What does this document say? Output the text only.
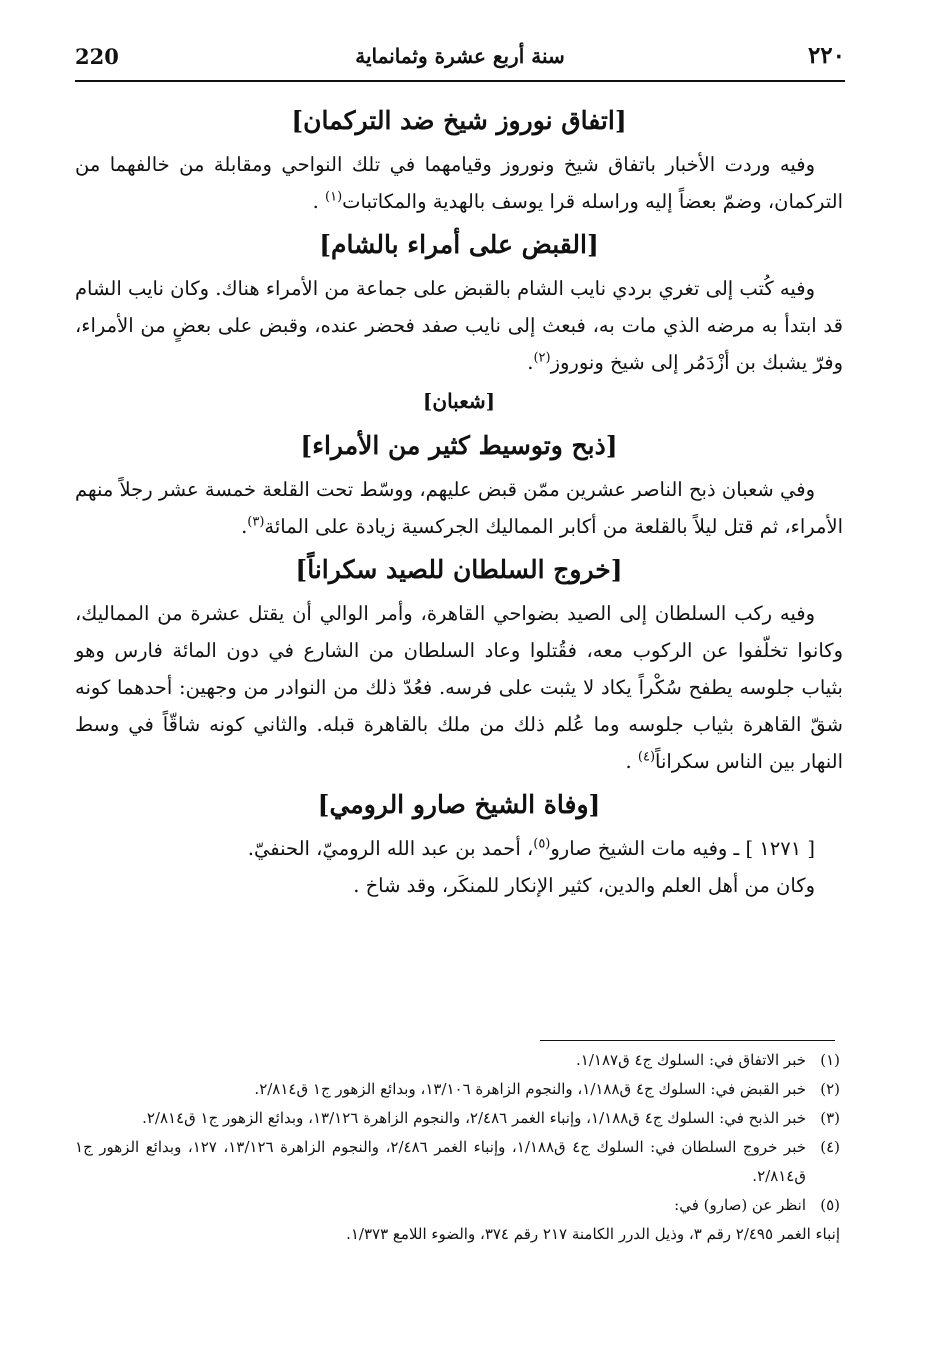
220	سنة أربع عشرة وثمانماية	٢٢٠
[اتفاق نوروز شيخ ضد التركمان]

وفيه وردت الأخبار باتفاق شيخ ونوروز وقيامهما في تلك النواحي ومقابلة من خالفهما من التركمان، وضمّ بعضاً إليه وراسله قرا يوسف بالهدية والمكاتبات$^{(١)}$ .

[القبض على أمراء بالشام]

وفيه كُتب إلى تغري بردي نايب الشام بالقبض على جماعة من الأمراء هناك. وكان نايب الشام قد ابتدأ به مرضه الذي مات به، فبعث إلى نايب صفد فحضر عنده، وقبض على بعضٍ من الأمراء، وفرّ يشبك بن أزْدَمُر إلى شيخ ونوروز$^{(٢)}$.

[شعبان]
[ذبح وتوسيط كثير من الأمراء]

وفي شعبان ذبح الناصر عشرين ممّن قبض عليهم، ووسّط تحت القلعة خمسة عشر رجلاً منهم الأمراء، ثم قتل ليلاً بالقلعة من أكابر المماليك الجركسية زيادة على المائة$^{(٣)}$.

[خروج السلطان للصيد سكراناً]

وفيه ركب السلطان إلى الصيد بضواحي القاهرة، وأمر الوالي أن يقتل عشرة من المماليك، وكانوا تخلّفوا عن الركوب معه، فقُتلوا وعاد السلطان من الشارع في دون المائة فارس وهو بثياب جلوسه يطفح سُكْراً يكاد لا يثبت على فرسه. فعُدّ ذلك من النوادر من وجهين: أحدهما كونه شقّ القاهرة بثياب جلوسه وما عُلم ذلك من ملك بالقاهرة قبله. والثاني كونه شاقّاً في وسط النهار بين الناس سكراناً$^{(٤)}$ .

[وفاة الشيخ صارو الرومي]

[ ١٢٧١ ] ـ وفيه مات الشيخ صارو$^{(٥)}$، أحمد بن عبد الله الروميّ، الحنفيّ.

وكان من أهل العلم والدين، كثير الإنكار للمنكَر، وقد شاخ .

(١)
خبر الاتفاق في: السلوك ج٤ ق١/١٨٧.
(٢)
خبر القبض في: السلوك ج٤ ق١/١٨٨، والنجوم الزاهرة ١٣/١٠٦، وبدائع الزهور ج١ ق٢/٨١٤.
(٣)
خبر الذبح في: السلوك ج٤ ق١/١٨٨، وإنباء الغمر ٢/٤٨٦، والنجوم الزاهرة ١٣/١٢٦، وبدائع الزهور ج١ ق٢/٨١٤.
(٤)
خبر خروج السلطان في: السلوك ج٤ ق١/١٨٨، وإنباء الغمر ٢/٤٨٦، والنجوم الزاهرة ١٣/١٢٦، ١٢٧، وبدائع الزهور ج١ ق٢/٨١٤.
(٥)
انظر عن (صارو) في:
إنباء الغمر ٢/٤٩٥ رقم ٣، وذيل الدرر الكامنة ٢١٧ رقم ٣٧٤، والضوء اللامع ١/٣٧٣.
